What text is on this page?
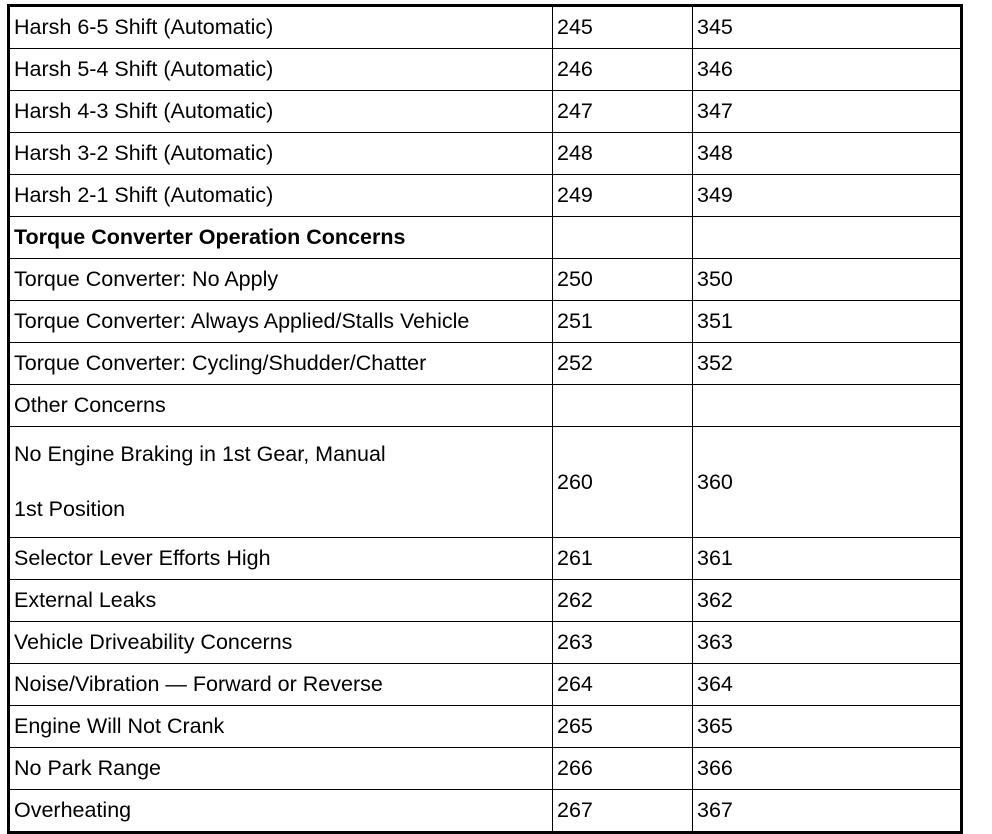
Harsh 6-5 Shift (Automatic)	245	345
Harsh 5-4 Shift (Automatic)	246	346
Harsh 4-3 Shift (Automatic)	247	347
Harsh 3-2 Shift (Automatic)	248	348
Harsh 2-1 Shift (Automatic)	249	349
Torque Converter Operation Concerns		
Torque Converter: No Apply	250	350
Torque Converter: Always Applied/Stalls Vehicle	251	351
Torque Converter: Cycling/Shudder/Chatter	252	352
Other Concerns		

No Engine Braking in 1st Gear, Manual
1st Position	260	360
Selector Lever Efforts High	261	361
External Leaks	262	362
Vehicle Driveability Concerns	263	363
Noise/Vibration — Forward or Reverse	264	364
Engine Will Not Crank	265	365
No Park Range	266	366
Overheating	267	367
